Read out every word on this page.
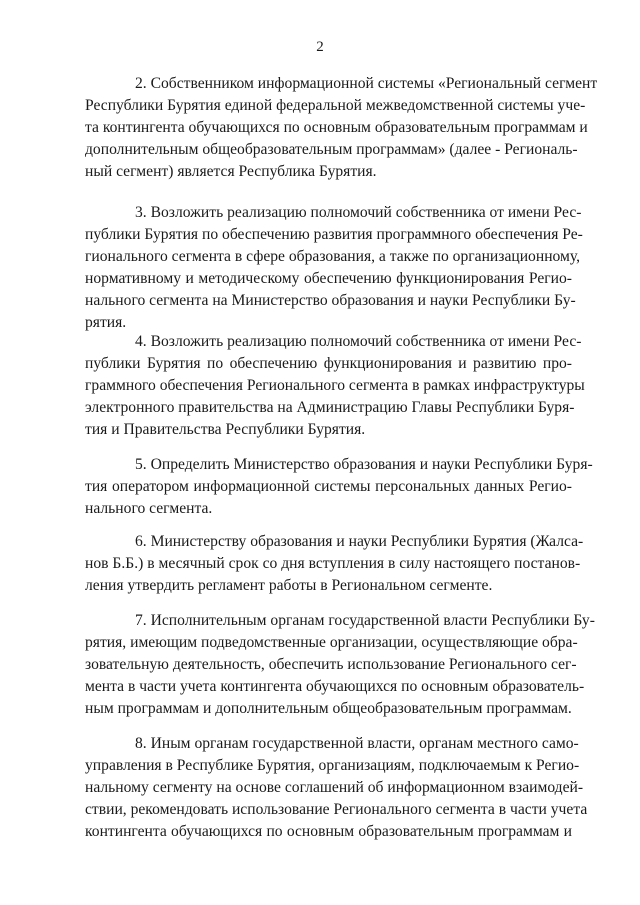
2

2. Собственником информационной системы «Региональный сегмент
Республики Бурятия единой федеральной межведомственной системы уче-
та контингента обучающихся по основным образовательным программам и
дополнительным общеобразовательным программам» (далее - Региональ-
ный сегмент) является Республика Бурятия.

3. Возложить реализацию полномочий собственника от имени Рес-
публики Бурятия по обеспечению развития программного обеспечения Ре-
гионального сегмента в сфере образования, а также по организационному,
нормативному и методическому обеспечению функционирования Регио-
нального сегмента на Министерство образования и науки Республики Бу-
рятия.

4. Возложить реализацию полномочий собственника от имени Рес-
публики Бурятия по обеспечению функционирования и развитию про-
граммного обеспечения Регионального сегмента в рамках инфраструктуры
электронного правительства на Администрацию Главы Республики Буря-
тия и Правительства Республики Бурятия.

5. Определить Министерство образования и науки Республики Буря-
тия оператором информационной системы персональных данных Регио-
нального сегмента.

6. Министерству образования и науки Республики Бурятия (Жалса-
нов Б.Б.) в месячный срок со дня вступления в силу настоящего постанов-
ления утвердить регламент работы в Региональном сегменте.

7. Исполнительным органам государственной власти Республики Бу-
рятия, имеющим подведомственные организации, осуществляющие обра-
зовательную деятельность, обеспечить использование Регионального сег-
мента в части учета контингента обучающихся по основным образователь-
ным программам и дополнительным общеобразовательным программам.

8. Иным органам государственной власти, органам местного само-
управления в Республике Бурятия, организациям, подключаемым к Регио-
нальному сегменту на основе соглашений об информационном взаимодей-
ствии, рекомендовать использование Регионального сегмента в части учета
контингента обучающихся по основным образовательным программам и
